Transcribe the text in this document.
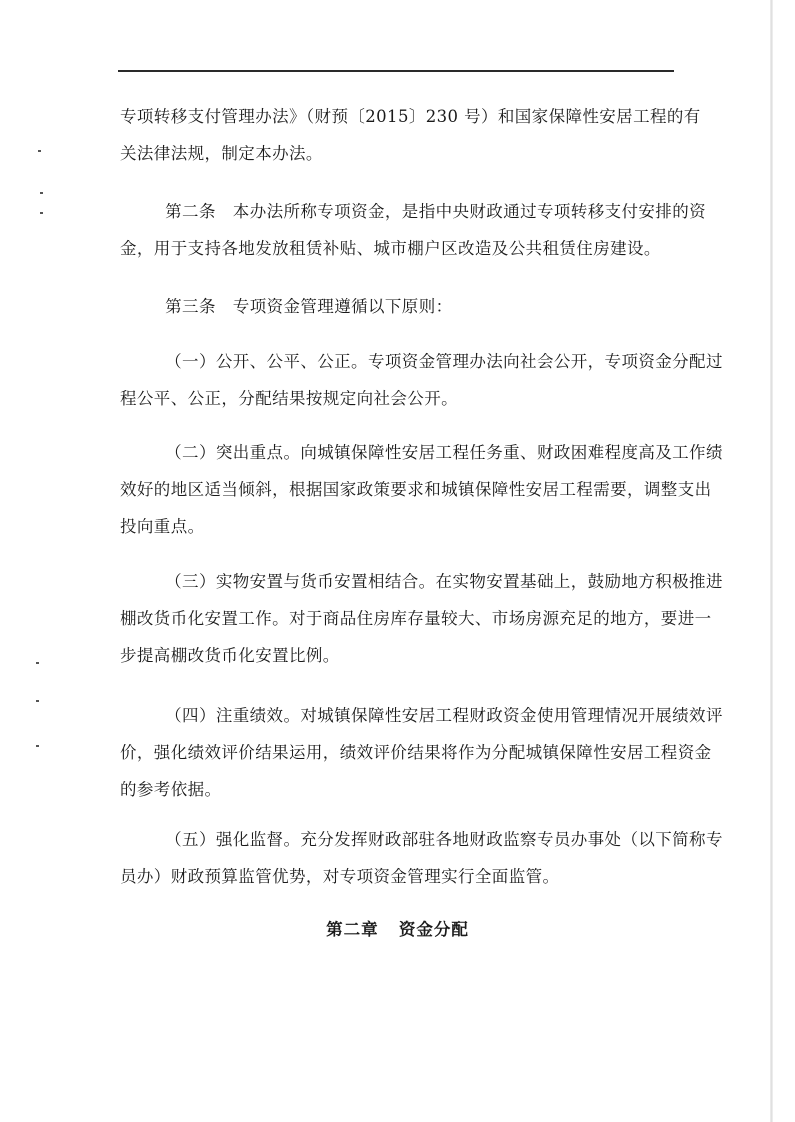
专项转移支付管理办法》（财预〔2015〕230 号）和国家保障性安居工程的有
关法律法规，制定本办法。

第二条   本办法所称专项资金，是指中央财政通过专项转移支付安排的资
金，用于支持各地发放租赁补贴、城市棚户区改造及公共租赁住房建设。

第三条   专项资金管理遵循以下原则：

（一）公开、公平、公正。专项资金管理办法向社会公开，专项资金分配过
程公平、公正，分配结果按规定向社会公开。

（二）突出重点。向城镇保障性安居工程任务重、财政困难程度高及工作绩
效好的地区适当倾斜，根据国家政策要求和城镇保障性安居工程需要，调整支出
投向重点。

（三）实物安置与货币安置相结合。在实物安置基础上，鼓励地方积极推进
棚改货币化安置工作。对于商品住房库存量较大、市场房源充足的地方，要进一
步提高棚改货币化安置比例。

（四）注重绩效。对城镇保障性安居工程财政资金使用管理情况开展绩效评
价，强化绩效评价结果运用，绩效评价结果将作为分配城镇保障性安居工程资金
的参考依据。

（五）强化监督。充分发挥财政部驻各地财政监察专员办事处（以下简称专
员办）财政预算监管优势，对专项资金管理实行全面监管。

第二章   资金分配
